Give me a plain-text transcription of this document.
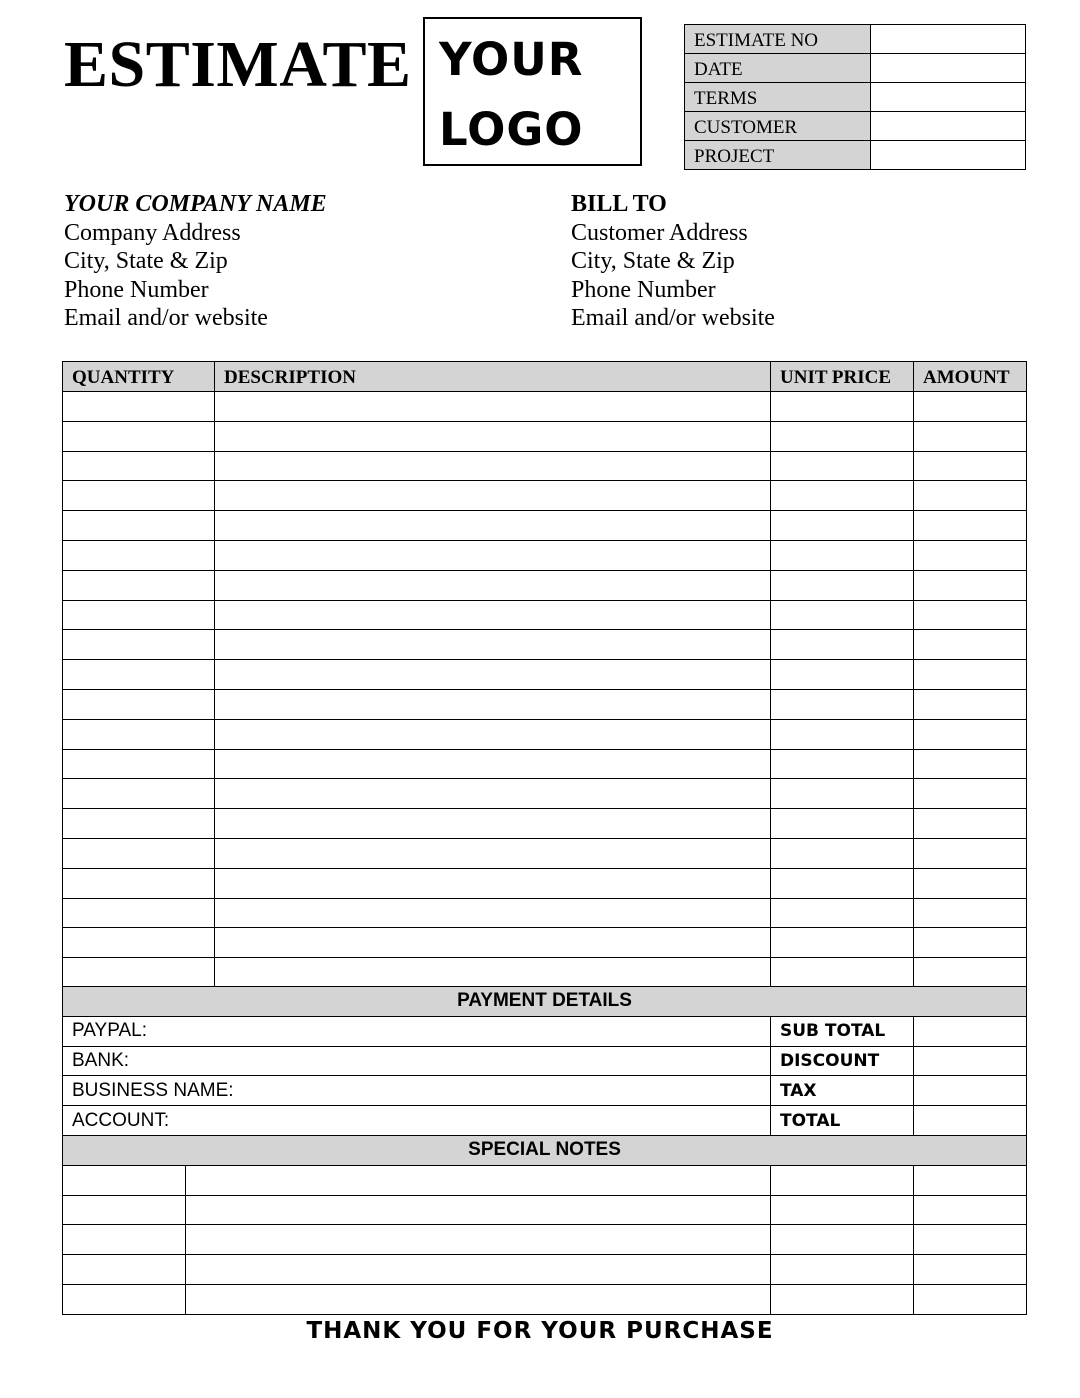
ESTIMATE YOUR
LOGO
ESTIMATE NO	
DATE	
TERMS	
CUSTOMER	
PROJECT	
YOUR COMPANY NAME
Company Address
City, State & Zip
Phone Number
Email and/or website
BILL TO
Customer Address
City, State & Zip
Phone Number
Email and/or website
QUANTITY	DESCRIPTION	UNIT PRICE	AMOUNT

PAYMENT DETAILS		
PAYPAL:	SUB TOTAL	
BANK:	DISCOUNT	
BUSINESS NAME:	TAX	
ACCOUNT:	TOTAL	
SPECIAL NOTES			

THANK YOU FOR YOUR PURCHASE
